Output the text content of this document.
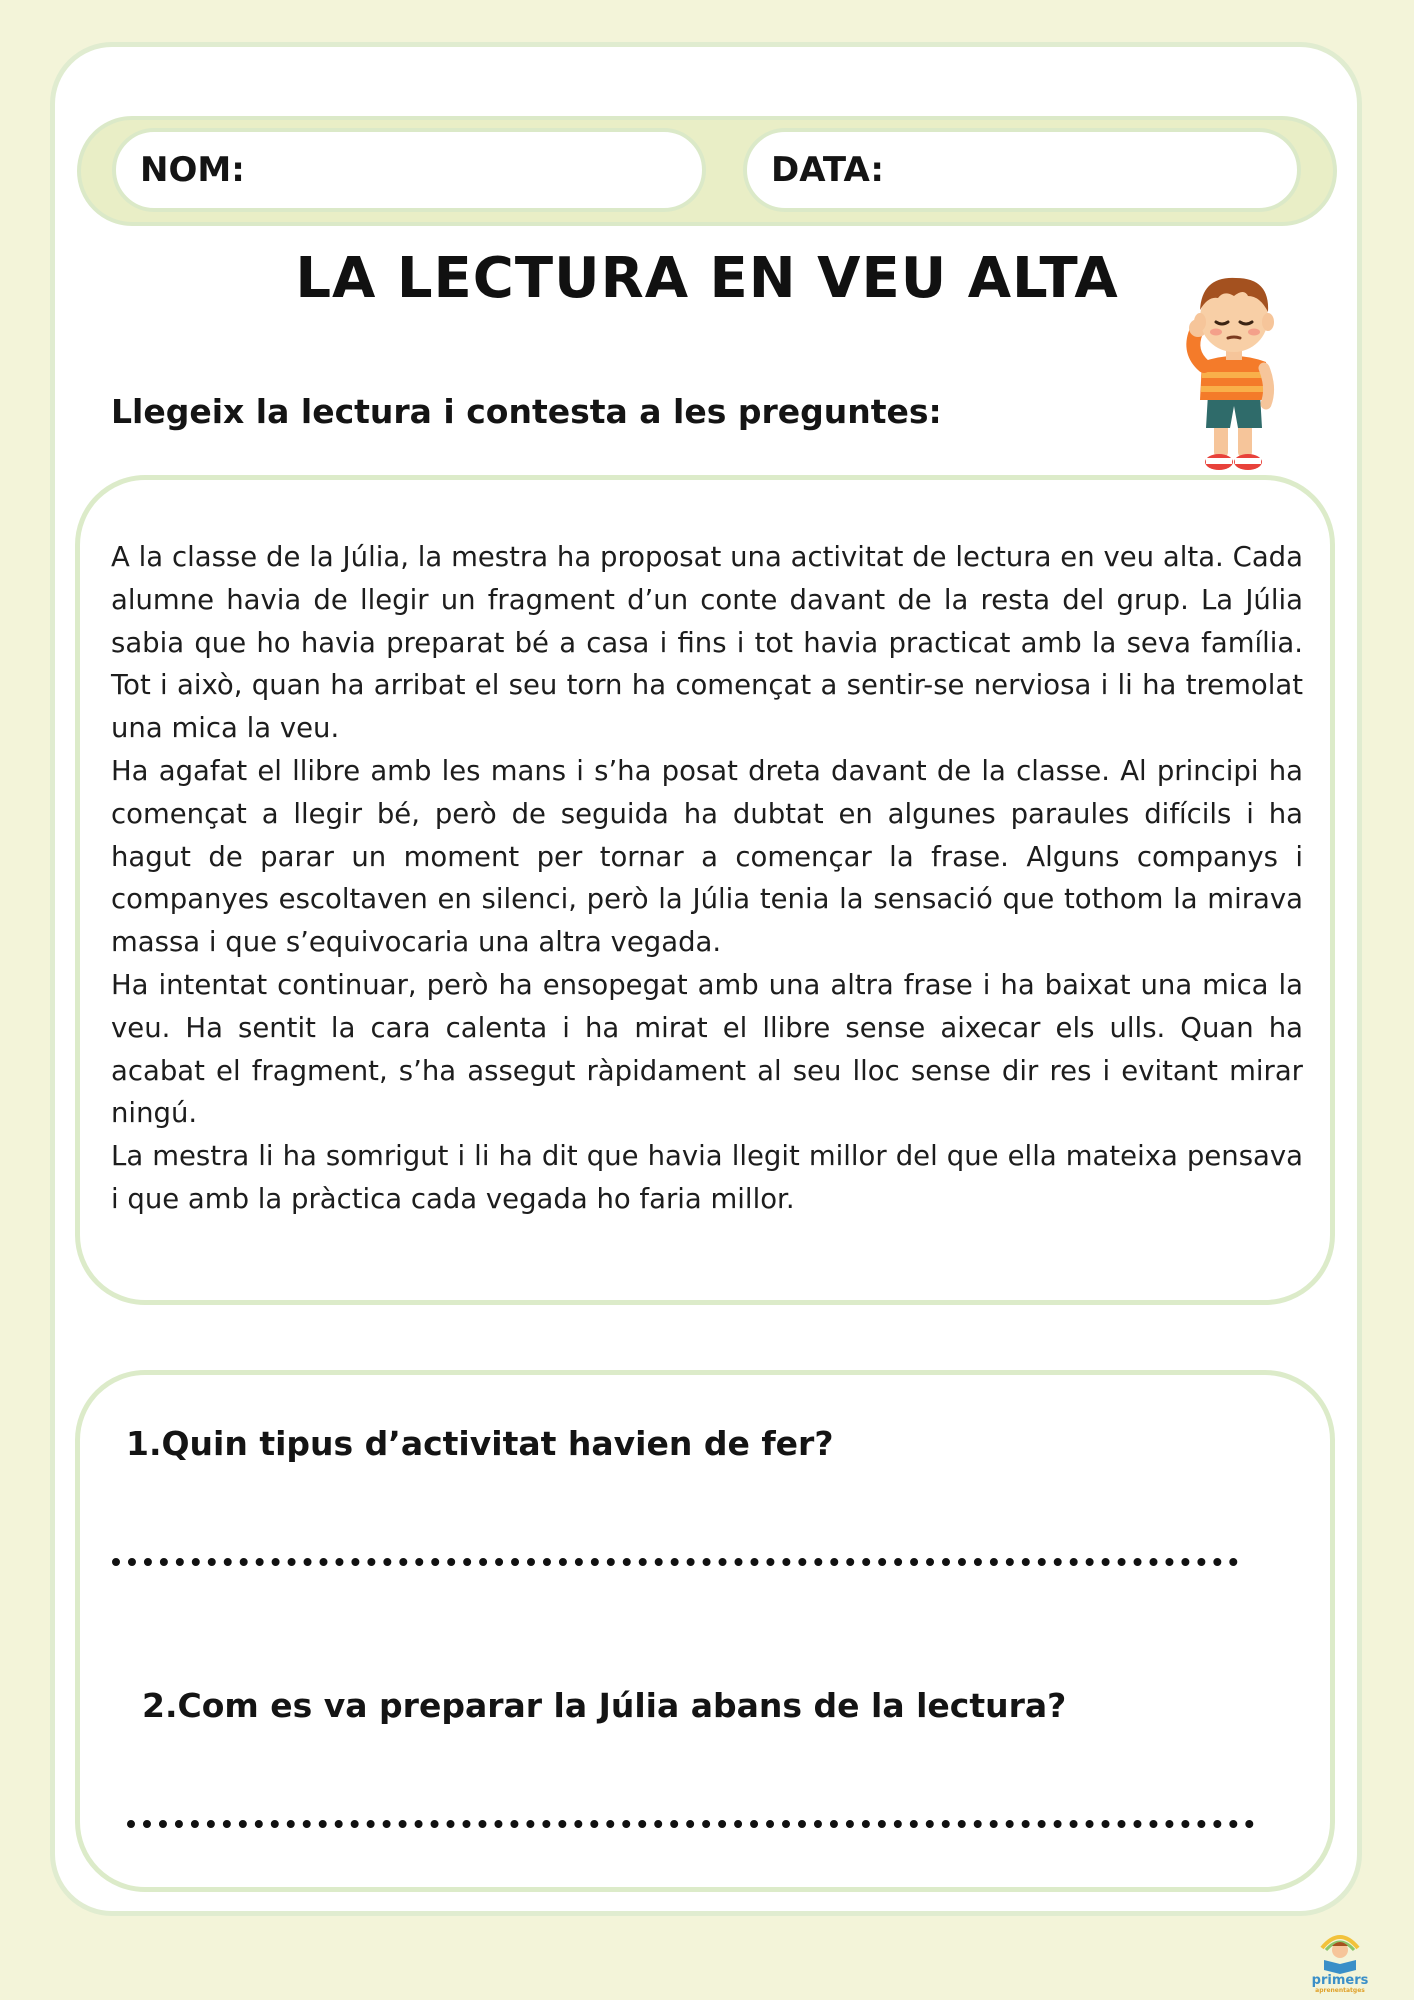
NOM:	DATA:
LA LECTURA EN VEU ALTA
Llegeix la lectura i contesta a les preguntes:

A la classe de la Júlia, la mestra ha proposat una activitat de lectura en veu alta. Cada alumne havia de llegir un fragment d’un conte davant de la resta del grup. La Júlia sabia que ho havia preparat bé a casa i fins i tot havia practicat amb la seva família. Tot i això, quan ha arribat el seu torn ha començat a sentir-se nerviosa i li ha tremolat una mica la veu.

Ha agafat el llibre amb les mans i s’ha posat dreta davant de la classe. Al principi ha començat a llegir bé, però de seguida ha dubtat en algunes paraules difícils i ha hagut de parar un moment per tornar a començar la frase. Alguns companys i companyes escoltaven en silenci, però la Júlia tenia la sensació que tothom la mirava massa i que s’equivocaria una altra vegada.

Ha intentat continuar, però ha ensopegat amb una altra frase i ha baixat una mica la veu. Ha sentit la cara calenta i ha mirat el llibre sense aixecar els ulls. Quan ha acabat el fragment, s’ha assegut ràpidament al seu lloc sense dir res i evitant mirar ningú.

La mestra li ha somrigut i li ha dit que havia llegit millor del que ella mateixa pensava i que amb la pràctica cada vegada ho faria millor.

1.Quin tipus d’activitat havien de fer?
2.Com es va preparar la Júlia abans de la lectura?
primers
aprenentatges
